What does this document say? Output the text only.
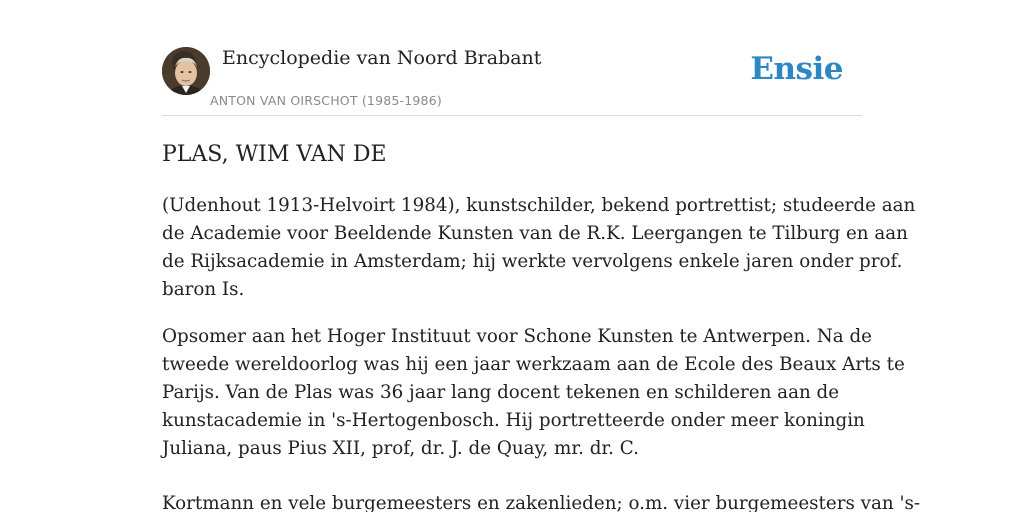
Encyclopedie van Noord Brabant
ANTON VAN OIRSCHOT (1985-1986)
Ensie
PLAS, WIM VAN DE

(Udenhout 1913-Helvoirt 1984), kunstschilder, bekend portrettist; studeerde aan
de Academie voor Beeldende Kunsten van de R.K. Leergangen te Tilburg en aan
de Rijksacademie in Amsterdam; hij werkte vervolgens enkele jaren onder prof.
baron Is.

Opsomer aan het Hoger Instituut voor Schone Kunsten te Antwerpen. Na de
tweede wereldoorlog was hij een jaar werkzaam aan de Ecole des Beaux Arts te
Parijs. Van de Plas was 36 jaar lang docent tekenen en schilderen aan de
kunstacademie in 's-Hertogenbosch. Hij portretteerde onder meer koningin
Juliana, paus Pius XII, prof, dr. J. de Quay, mr. dr. C.

Kortmann en vele burgemeesters en zakenlieden; o.m. vier burgemeesters van 's-
